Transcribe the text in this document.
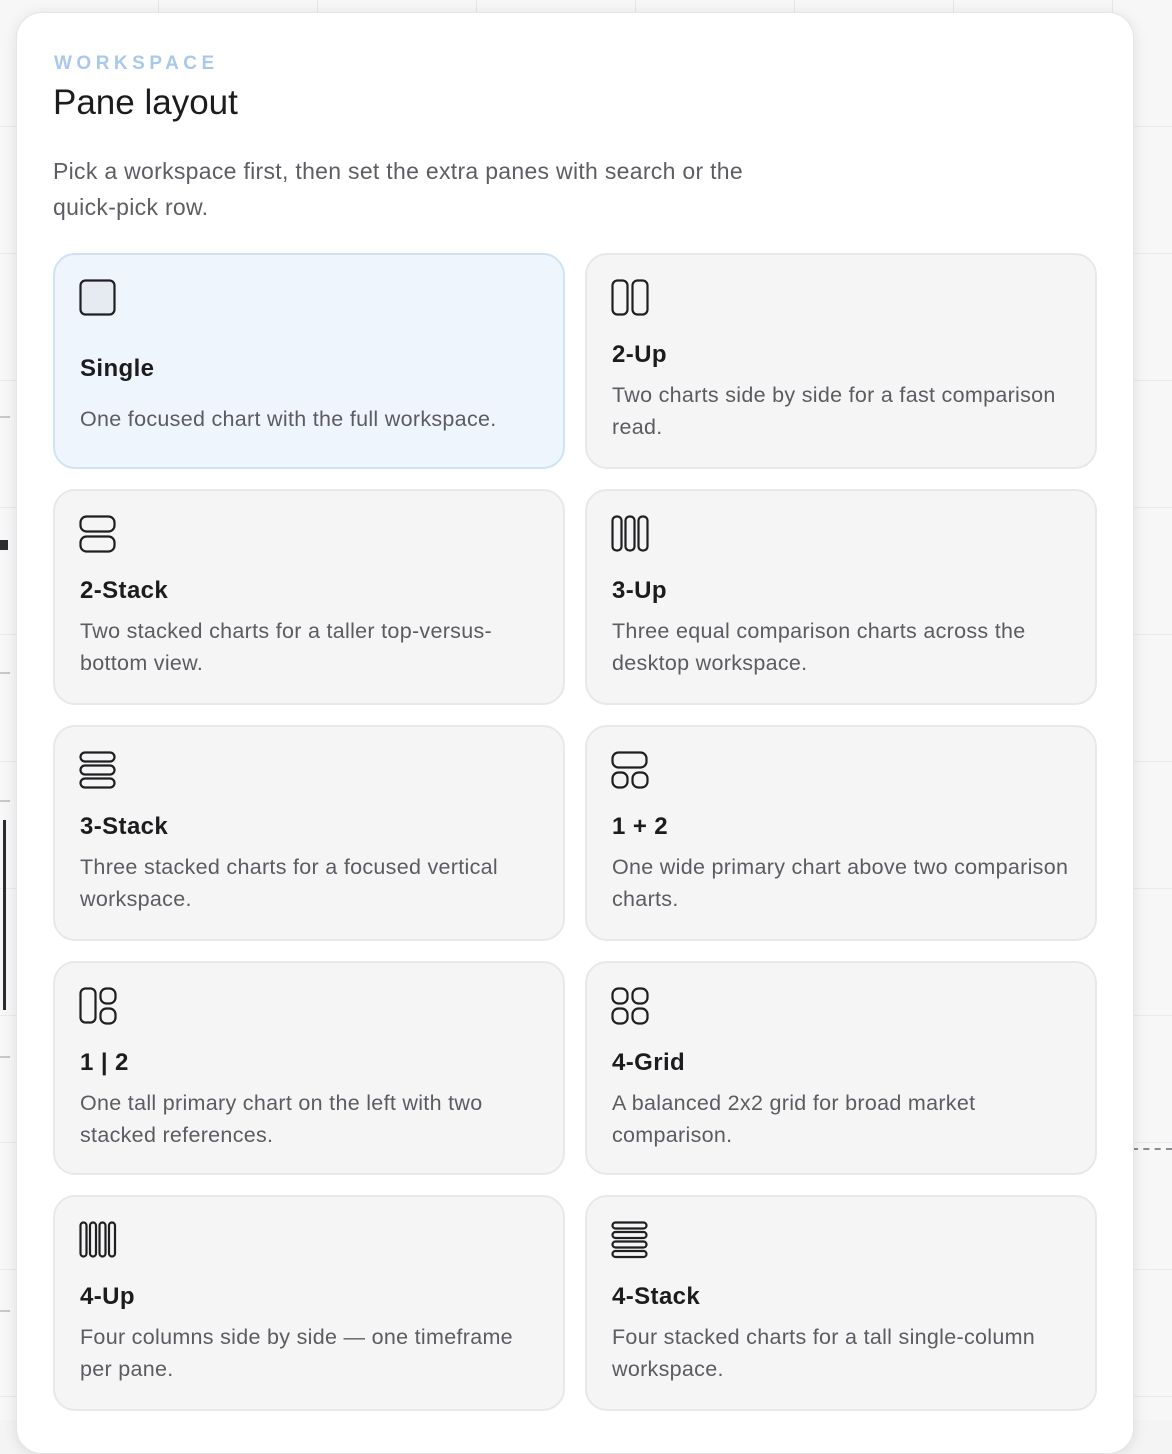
WORKSPACE
Pane layout
Pick a workspace first, then set the extra panes with search or the quick-pick row.
Single
One focused chart with the full workspace.
2-Up
Two charts side by side for a fast comparison read.
2-Stack
Two stacked charts for a taller top-versus-bottom view.
3-Up
Three equal comparison charts across the desktop workspace.
3-Stack
Three stacked charts for a focused vertical workspace.
1 + 2
One wide primary chart above two comparison charts.
1 | 2
One tall primary chart on the left with two stacked references.
4-Grid
A balanced 2x2 grid for broad market comparison.
4-Up
Four columns side by side — one timeframe per pane.
4-Stack
Four stacked charts for a tall single-column workspace.
